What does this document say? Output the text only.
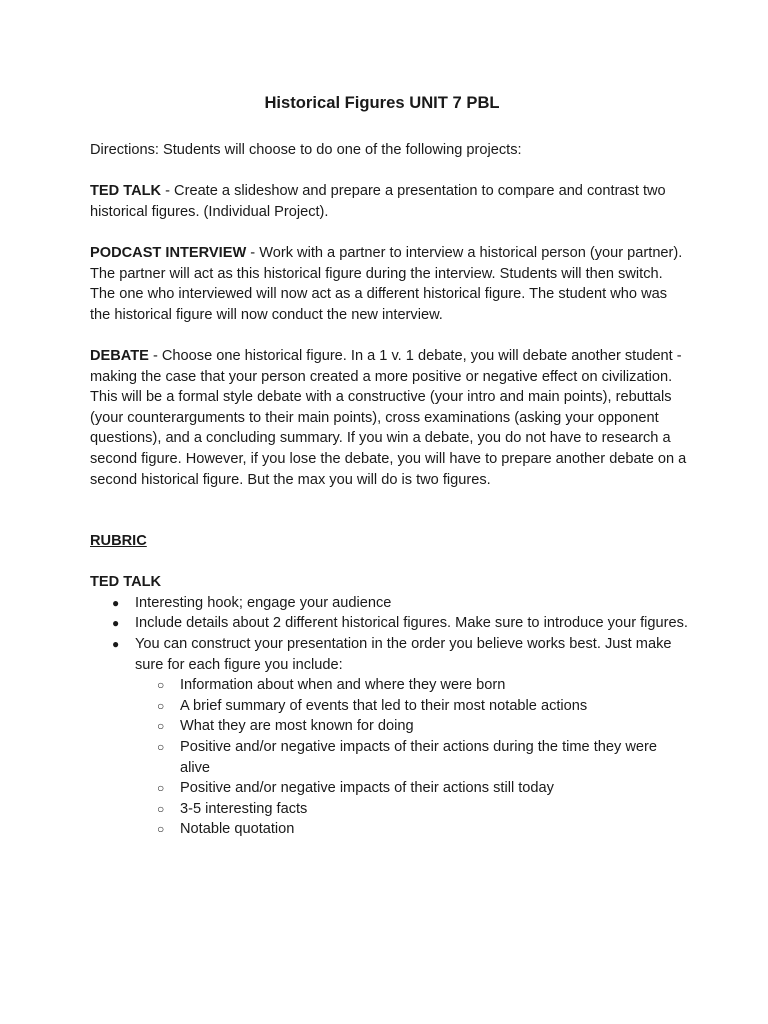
Historical Figures UNIT 7 PBL

Directions: Students will choose to do one of the following projects:

TED TALK - Create a slideshow and prepare a presentation to compare and contrast two historical figures. (Individual Project).

PODCAST INTERVIEW - Work with a partner to interview a historical person (your partner). The partner will act as this historical figure during the interview. Students will then switch. The one who interviewed will now act as a different historical figure. The student who was the historical figure will now conduct the new interview.

DEBATE - Choose one historical figure. In a 1 v. 1 debate, you will debate another student - making the case that your person created a more positive or negative effect on civilization. This will be a formal style debate with a constructive (your intro and main points), rebuttals (your counterarguments to their main points), cross examinations (asking your opponent questions), and a concluding summary. If you win a debate, you do not have to research a second figure. However, if you lose the debate, you will have to prepare another debate on a second historical figure. But the max you will do is two figures.

RUBRIC

TED TALK

● Interesting hook; engage your audience
● Include details about 2 different historical figures. Make sure to introduce your figures.
● You can construct your presentation in the order you believe works best. Just make sure for each figure you include:
○ Information about when and where they were born
○ A brief summary of events that led to their most notable actions
○ What they are most known for doing
○ Positive and/or negative impacts of their actions during the time they were alive
○ Positive and/or negative impacts of their actions still today
○ 3-5 interesting facts
○ Notable quotation
